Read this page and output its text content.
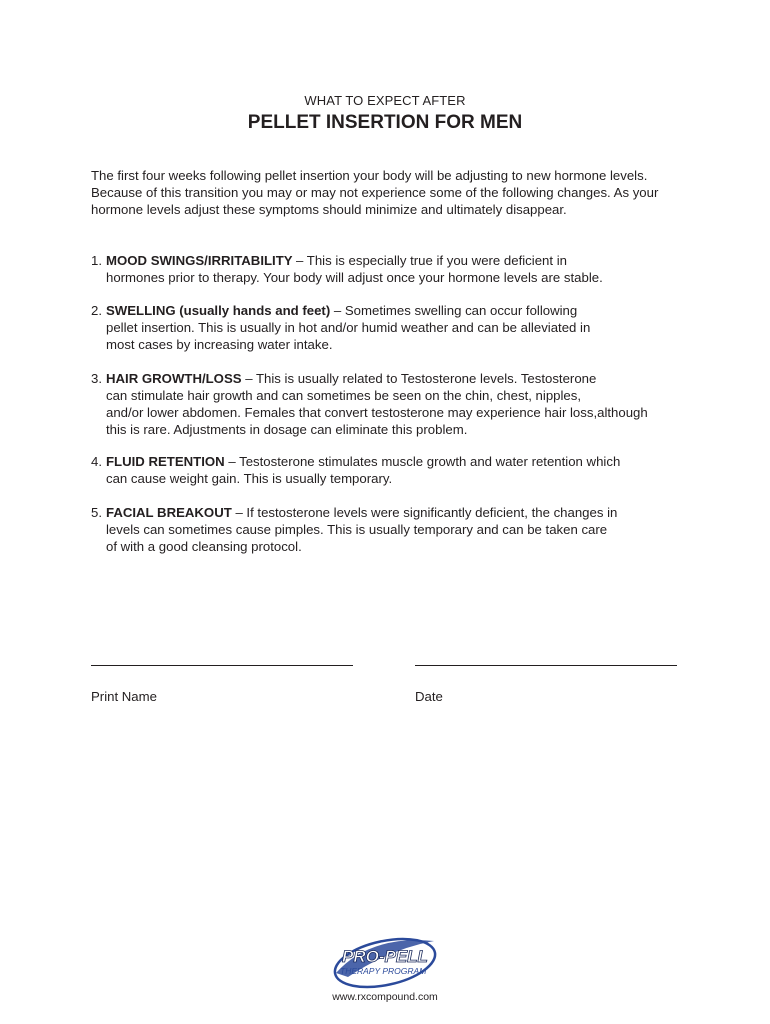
WHAT TO EXPECT AFTER
PELLET INSERTION FOR MEN
The first four weeks following pellet insertion your body will be adjusting to new hormone levels. Because of this transition you may or may not experience some of the following changes. As your hormone levels adjust these symptoms should minimize and ultimately disappear.
1. MOOD SWINGS/IRRITABILITY – This is especially true if you were deficient in
hormones prior to therapy. Your body will adjust once your hormone levels are stable.
2. SWELLING (usually hands and feet) – Sometimes swelling can occur following
pellet insertion. This is usually in hot and/or humid weather and can be alleviated in
most cases by increasing water intake.
3. HAIR GROWTH/LOSS – This is usually related to Testosterone levels. Testosterone
can stimulate hair growth and can sometimes be seen on the chin, chest, nipples,
and/or lower abdomen. Females that convert testosterone may experience hair loss,although
this is rare. Adjustments in dosage can eliminate this problem.
4. FLUID RETENTION – Testosterone stimulates muscle growth and water retention which
can cause weight gain. This is usually temporary.
5. FACIAL BREAKOUT – If testosterone levels were significantly deficient, the changes in
levels can sometimes cause pimples. This is usually temporary and can be taken care
of with a good cleansing protocol.
Print Name	Date
PRO-PELL
THERAPY PROGRAM
www.rxcompound.com
